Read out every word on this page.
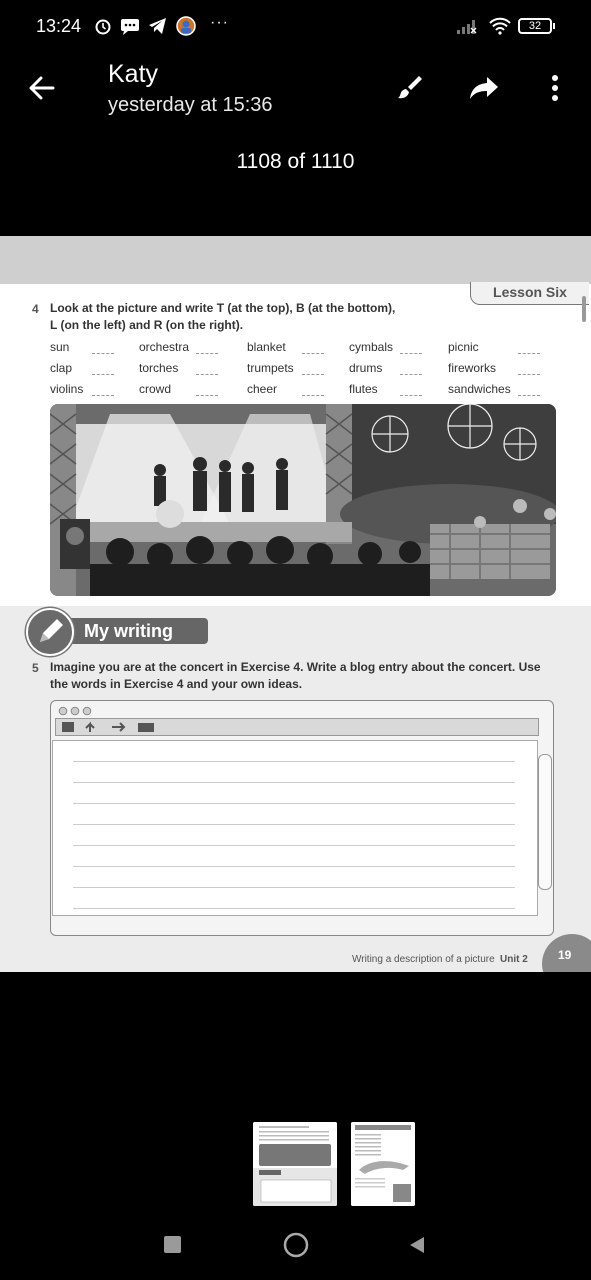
13:24	···	32
Katy
yesterday at 15:36
1108 of 1110
Lesson Six
4 Look at the picture and write T (at the top), B (at the bottom),
L (on the left) and R (on the right).
sun	orchestra	blanket	cymbals	picnic
clap	torches	trumpets	drums	fireworks
violins	crowd	cheer	flutes	sandwiches
My writing
5 Imagine you are at the concert in Exercise 4. Write a blog entry about the concert. Use
the words in Exercise 4 and your own ideas.
Writing a description of a picture Unit 2	19
